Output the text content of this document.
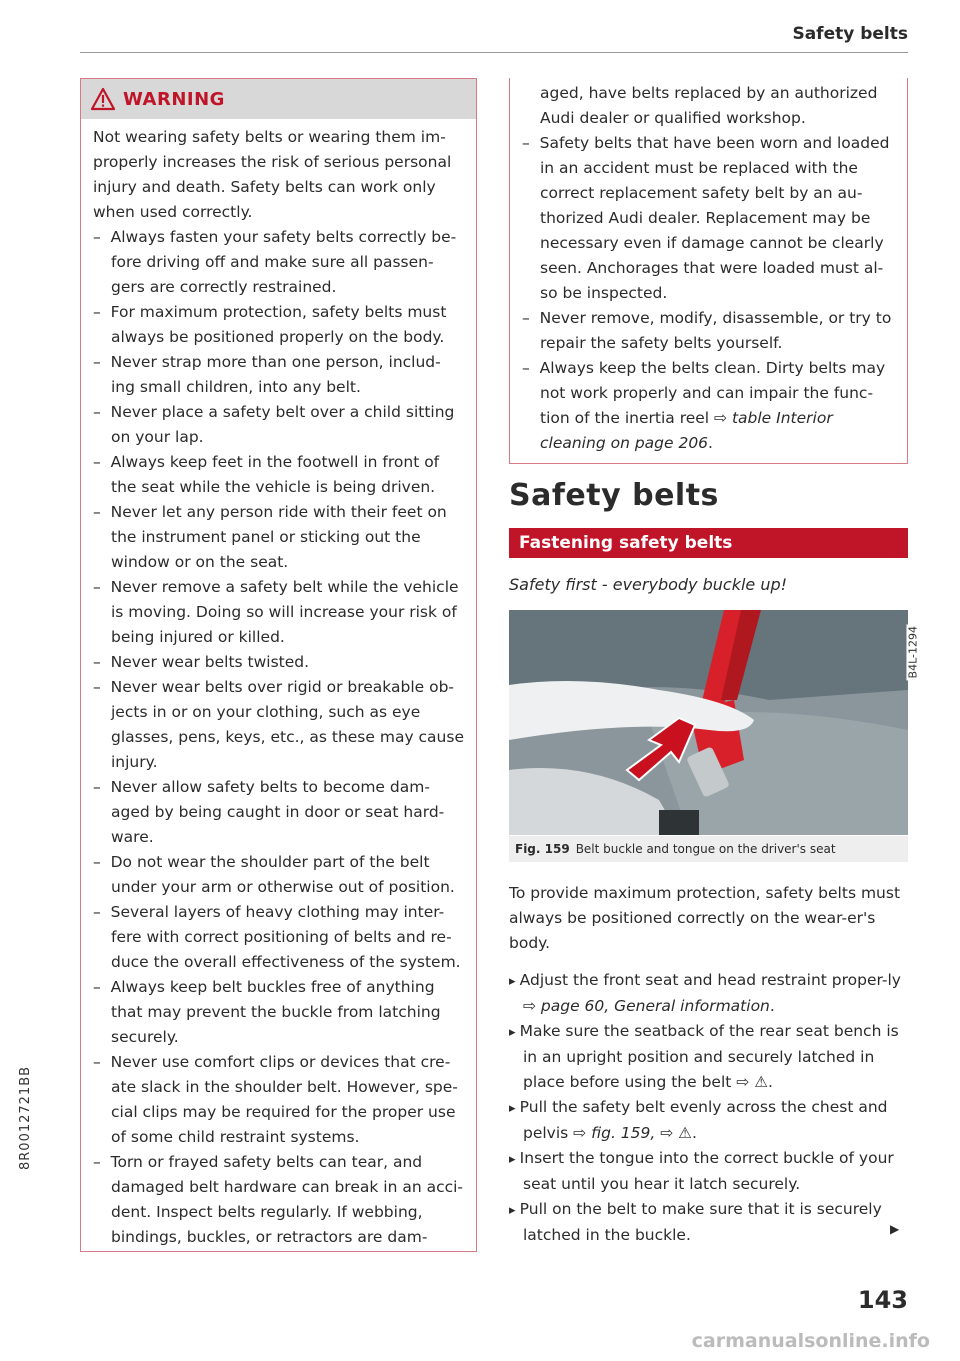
Safety belts
8R0012721BB
WARNING

Not wearing safety belts or wearing them im-properly increases the risk of serious personal injury and death. Safety belts can work only when used correctly.

–  Always fasten your safety belts correctly be-fore driving off and make sure all passen-gers are correctly restrained.
–  For maximum protection, safety belts must always be positioned properly on the body.
–  Never strap more than one person, includ-ing small children, into any belt.
–  Never place a safety belt over a child sitting on your lap.
–  Always keep feet in the footwell in front of the seat while the vehicle is being driven.
–  Never let any person ride with their feet on the instrument panel or sticking out the window or on the seat.
–  Never remove a safety belt while the vehicle is moving. Doing so will increase your risk of being injured or killed.
–  Never wear belts twisted.
–  Never wear belts over rigid or breakable ob-jects in or on your clothing, such as eye glasses, pens, keys, etc., as these may cause injury.
–  Never allow safety belts to become dam-aged by being caught in door or seat hard-ware.
–  Do not wear the shoulder part of the belt under your arm or otherwise out of position.
–  Several layers of heavy clothing may inter-fere with correct positioning of belts and re-duce the overall effectiveness of the system.
–  Always keep belt buckles free of anything that may prevent the buckle from latching securely.
–  Never use comfort clips or devices that cre-ate slack in the shoulder belt. However, spe-cial clips may be required for the proper use of some child restraint systems.
–  Torn or frayed safety belts can tear, and damaged belt hardware can break in an acci-dent. Inspect belts regularly. If webbing, bindings, buckles, or retractors are dam-
aged, have belts replaced by an authorized Audi dealer or qualified workshop.
–  Safety belts that have been worn and loaded in an accident must be replaced with the correct replacement safety belt by an au-thorized Audi dealer. Replacement may be necessary even if damage cannot be clearly seen. Anchorages that were loaded must al-so be inspected.
–  Never remove, modify, disassemble, or try to repair the safety belts yourself.
–  Always keep the belts clean. Dirty belts may not work properly and can impair the func-tion of the inertia reel ⇨ table Interior cleaning on page 206.
Safety belts
Fastening safety belts
Safety first - everybody buckle up!
B4L-1294
Fig. 159 Belt buckle and tongue on the driver's seat

To provide maximum protection, safety belts must always be positioned correctly on the wear-er's body.

▸ Adjust the front seat and head restraint proper-ly ⇨ page 60, General information.
▸ Make sure the seatback of the rear seat bench is in an upright position and securely latched in place before using the belt ⇨ ⚠.
▸ Pull the safety belt evenly across the chest and pelvis ⇨ fig. 159, ⇨ ⚠.
▸ Insert the tongue into the correct buckle of your seat until you hear it latch securely.
▸ Pull on the belt to make sure that it is securely latched in the buckle.	▶
143
carmanualsonline.info
